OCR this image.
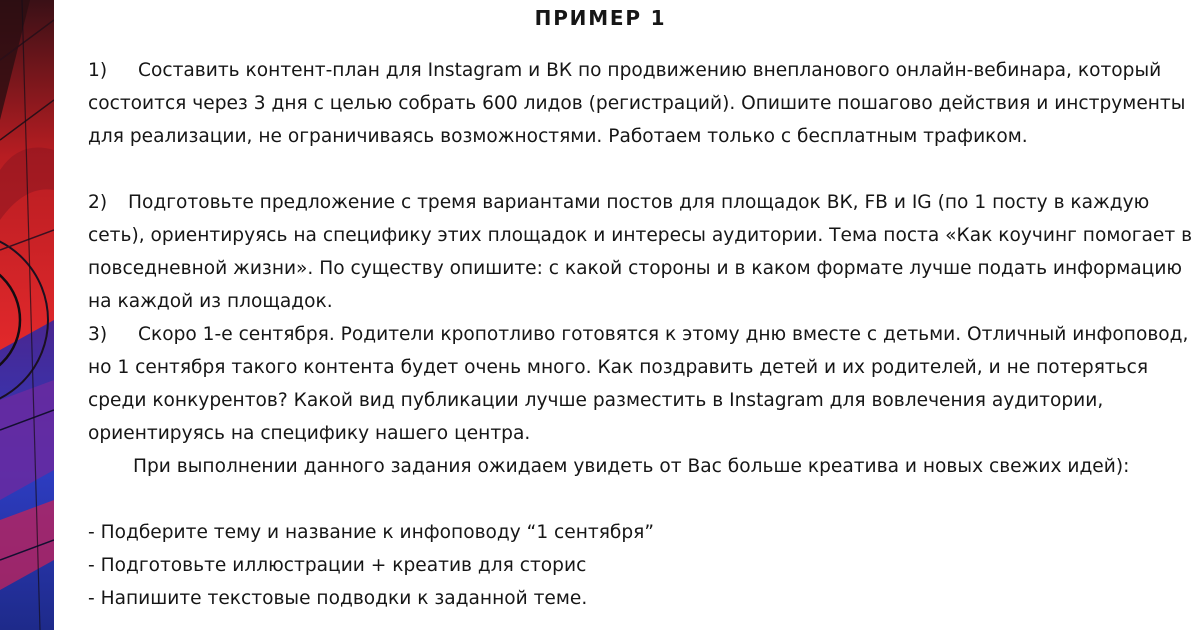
ПРИМЕР 1

1) Составить контент-план для Instagram и ВК по продвижению внепланового онлайн-вебинара, который состоится через 3 дня с целью собрать 600 лидов (регистраций). Опишите пошагово действия и инструменты для реализации, не ограничиваясь возможностями. Работаем только с бесплатным трафиком.

2) Подготовьте предложение с тремя вариантами постов для площадок ВК, FB и IG (по 1 посту в каждую сеть), ориентируясь на специфику этих площадок и интересы аудитории. Тема поста «Как коучинг помогает в повседневной жизни». По существу опишите: с какой стороны и в каком формате лучше подать информацию на каждой из площадок.

3) Скоро 1-е сентября. Родители кропотливо готовятся к этому дню вместе с детьми. Отличный инфоповод, но 1 сентября такого контента будет очень много. Как поздравить детей и их родителей, и не потеряться среди конкурентов? Какой вид публикации лучше разместить в Instagram для вовлечения аудитории, ориентируясь на специфику нашего центра.

При выполнении данного задания ожидаем увидеть от Вас больше креатива и новых свежих идей):

- Подберите тему и название к инфоповоду “1 сентября”

- Подготовьте иллюстрации + креатив для сторис

- Напишите текстовые подводки к заданной теме.
